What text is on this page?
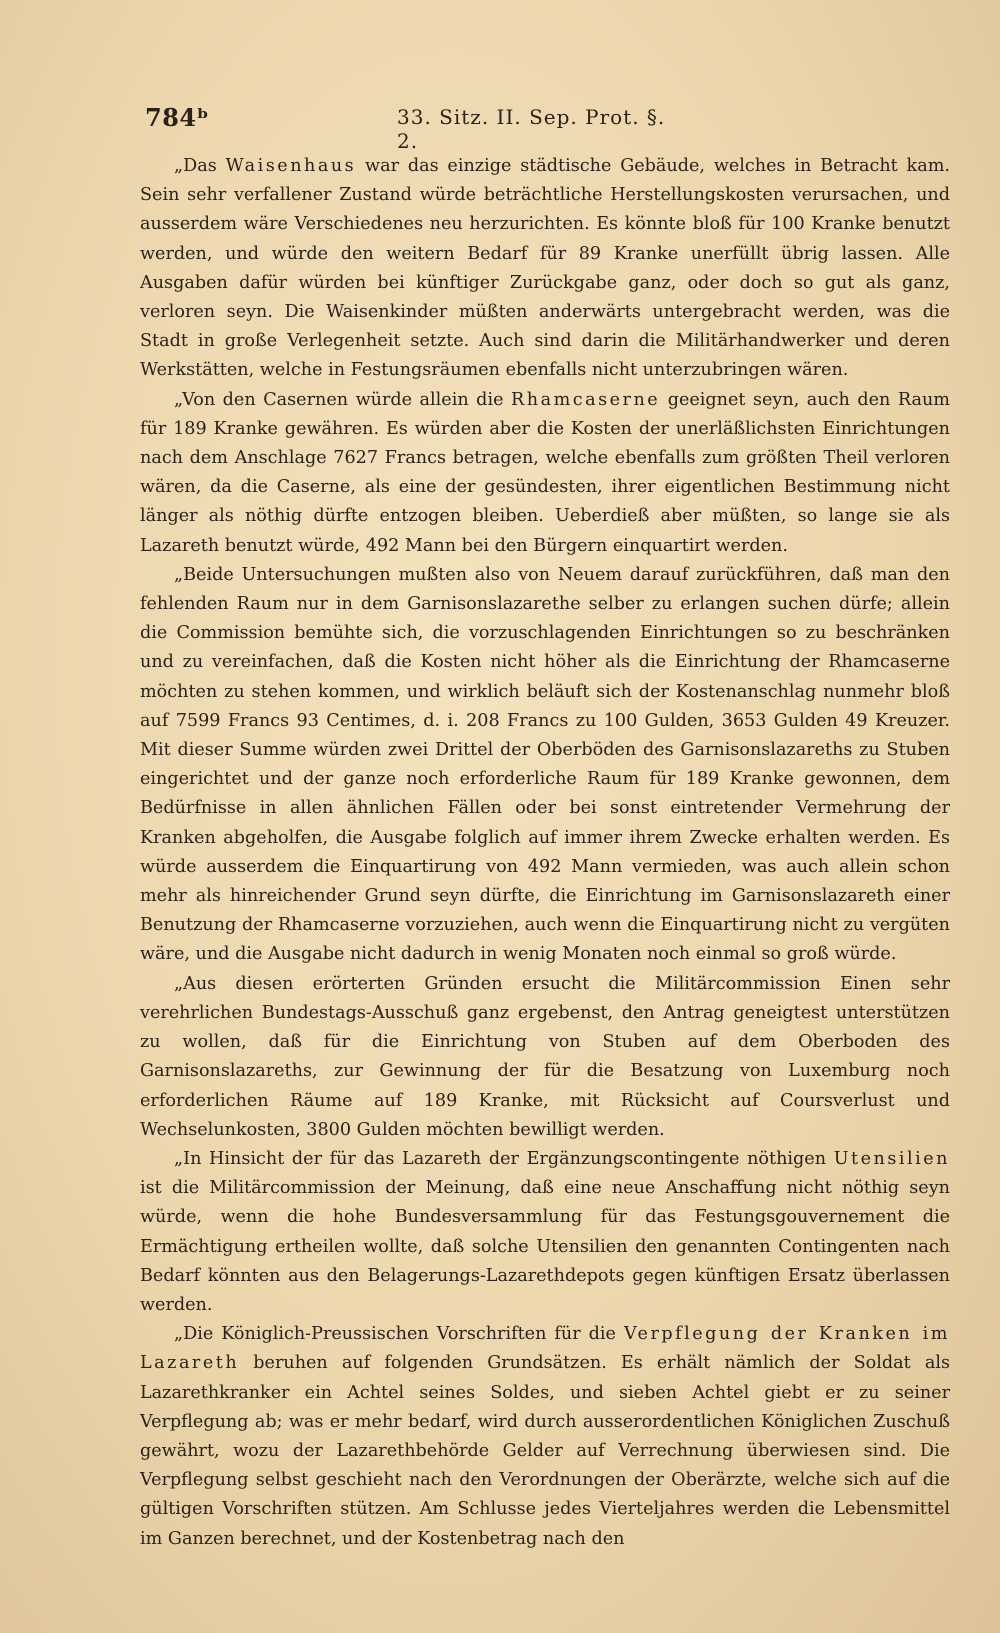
784ᵇ	33. Sitz. II. Sep. Prot. §. 2.

„Das Waisenhaus war das einzige städtische Gebäude, welches in Betracht kam. Sein sehr verfallener Zustand würde beträchtliche Herstellungskosten verursachen, und ausserdem wäre Verschiedenes neu herzurichten. Es könnte bloß für 100 Kranke benutzt werden, und würde den weitern Bedarf für 89 Kranke unerfüllt übrig lassen. Alle Ausgaben dafür würden bei künftiger Zurückgabe ganz, oder doch so gut als ganz, verloren seyn. Die Waisenkinder müßten anderwärts untergebracht werden, was die Stadt in große Verlegenheit setzte. Auch sind darin die Militärhandwerker und deren Werkstätten, welche in Festungsräumen ebenfalls nicht unterzubringen wären.

„Von den Casernen würde allein die Rhamcaserne geeignet seyn, auch den Raum für 189 Kranke gewähren. Es würden aber die Kosten der unerläßlichsten Einrichtungen nach dem Anschlage 7627 Francs betragen, welche ebenfalls zum größten Theil verloren wären, da die Caserne, als eine der gesündesten, ihrer eigentlichen Bestimmung nicht länger als nöthig dürfte entzogen bleiben. Ueberdieß aber müßten, so lange sie als Lazareth benutzt würde, 492 Mann bei den Bürgern einquartirt werden.

„Beide Untersuchungen mußten also von Neuem darauf zurückführen, daß man den fehlenden Raum nur in dem Garnisonslazarethe selber zu erlangen suchen dürfe; allein die Commission bemühte sich, die vorzuschlagenden Einrichtungen so zu beschränken und zu vereinfachen, daß die Kosten nicht höher als die Einrichtung der Rhamcaserne möchten zu stehen kommen, und wirklich beläuft sich der Kostenanschlag nunmehr bloß auf 7599 Francs 93 Centimes, d. i. 208 Francs zu 100 Gulden, 3653 Gulden 49 Kreuzer. Mit dieser Summe würden zwei Drittel der Oberböden des Garnisonslazareths zu Stuben eingerichtet und der ganze noch erforderliche Raum für 189 Kranke gewonnen, dem Bedürfnisse in allen ähnlichen Fällen oder bei sonst eintretender Vermehrung der Kranken abgeholfen, die Ausgabe folglich auf immer ihrem Zwecke erhalten werden. Es würde ausserdem die Einquartirung von 492 Mann vermieden, was auch allein schon mehr als hinreichender Grund seyn dürfte, die Einrichtung im Garnisonslazareth einer Benutzung der Rhamcaserne vorzuziehen, auch wenn die Einquartirung nicht zu vergüten wäre, und die Ausgabe nicht dadurch in wenig Monaten noch einmal so groß würde.

„Aus diesen erörterten Gründen ersucht die Militärcommission Einen sehr verehrlichen Bundestags-Ausschuß ganz ergebenst, den Antrag geneigtest unterstützen zu wollen, daß für die Einrichtung von Stuben auf dem Oberboden des Garnisonslazareths, zur Gewinnung der für die Besatzung von Luxemburg noch erforderlichen Räume auf 189 Kranke, mit Rücksicht auf Coursverlust und Wechselunkosten, 3800 Gulden möchten bewilligt werden.

„In Hinsicht der für das Lazareth der Ergänzungscontingente nöthigen Utensilien ist die Militärcommission der Meinung, daß eine neue Anschaffung nicht nöthig seyn würde, wenn die hohe Bundesversammlung für das Festungsgouvernement die Ermächtigung ertheilen wollte, daß solche Utensilien den genannten Contingenten nach Bedarf könnten aus den Belagerungs-Lazarethdepots gegen künftigen Ersatz überlassen werden.

„Die Königlich-Preussischen Vorschriften für die Verpflegung der Kranken im Lazareth beruhen auf folgenden Grundsätzen. Es erhält nämlich der Soldat als Lazarethkranker ein Achtel seines Soldes, und sieben Achtel giebt er zu seiner Verpflegung ab; was er mehr bedarf, wird durch ausserordentlichen Königlichen Zuschuß gewährt, wozu der Lazarethbehörde Gelder auf Verrechnung überwiesen sind. Die Verpflegung selbst geschieht nach den Verordnungen der Oberärzte, welche sich auf die gültigen Vorschriften stützen. Am Schlusse jedes Vierteljahres werden die Lebensmittel im Ganzen berechnet, und der Kostenbetrag nach den
